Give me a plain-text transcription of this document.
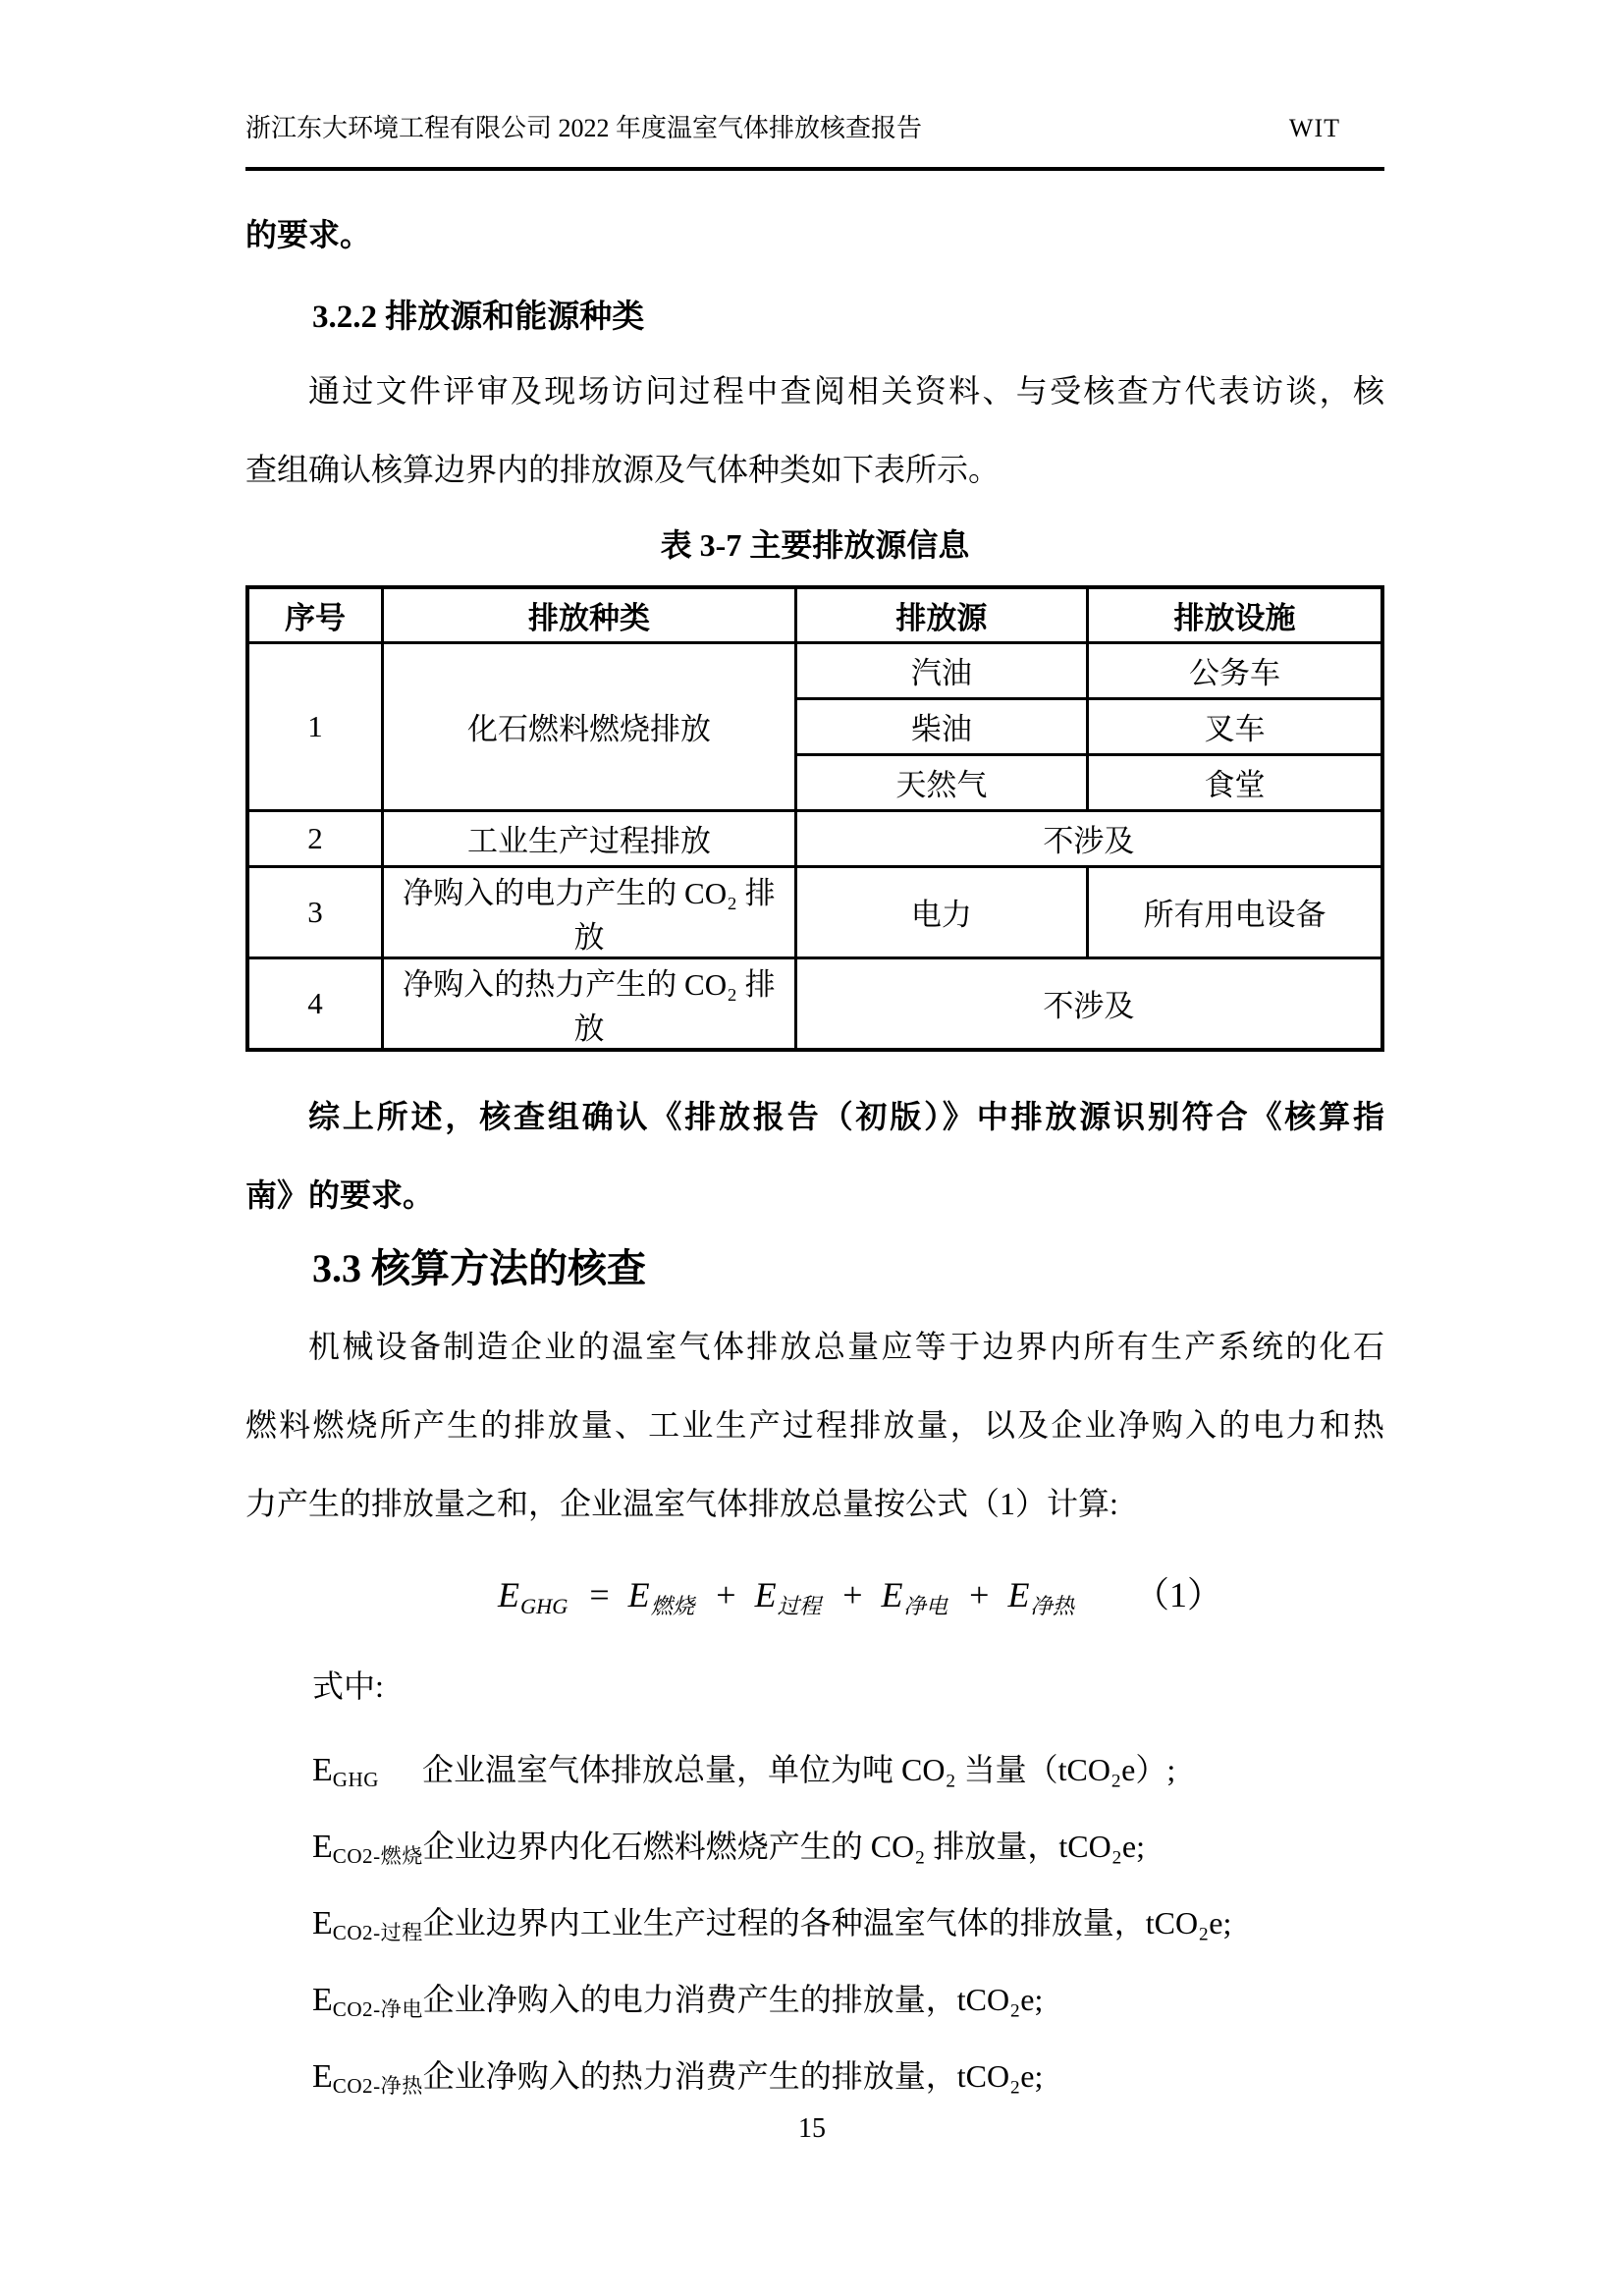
浙江东大环境工程有限公司 2022 年度温室气体排放核查报告	WIT
的要求。
3.2.2 排放源和能源种类
通过文件评审及现场访问过程中查阅相关资料、与受核查方代表访谈，核
查组确认核算边界内的排放源及气体种类如下表所示。
表 3-7 主要排放源信息
序号	排放种类	排放源	排放设施
1	化石燃料燃烧排放	汽油	公务车
		柴油	叉车
		天然气	食堂
2	工业生产过程排放	不涉及	
3	净购入的电力产生的 CO₂ 排放	电力	所有用电设备
4	净购入的热力产生的 CO₂ 排放	不涉及	
综上所述，核查组确认《排放报告（初版）》中排放源识别符合《核算指
南》的要求。
3.3 核算方法的核查
机械设备制造企业的温室气体排放总量应等于边界内所有生产系统的化石
燃料燃烧所产生的排放量、工业生产过程排放量，以及企业净购入的电力和热
力产生的排放量之和，企业温室气体排放总量按公式（1）计算:
$E_{GHG} = E_{燃烧} + E_{过程} + E_{净电} + E_{净热}$ （1）
式中:
EGHG 企业温室气体排放总量，单位为吨 CO₂ 当量（tCO₂e）;
ECO2-燃烧企业边界内化石燃料燃烧产生的 CO₂ 排放量，tCO₂e;
ECO2-过程企业边界内工业生产过程的各种温室气体的排放量，tCO₂e;
ECO2-净电企业净购入的电力消费产生的排放量，tCO₂e;
ECO2-净热企业净购入的热力消费产生的排放量，tCO₂e;
15
